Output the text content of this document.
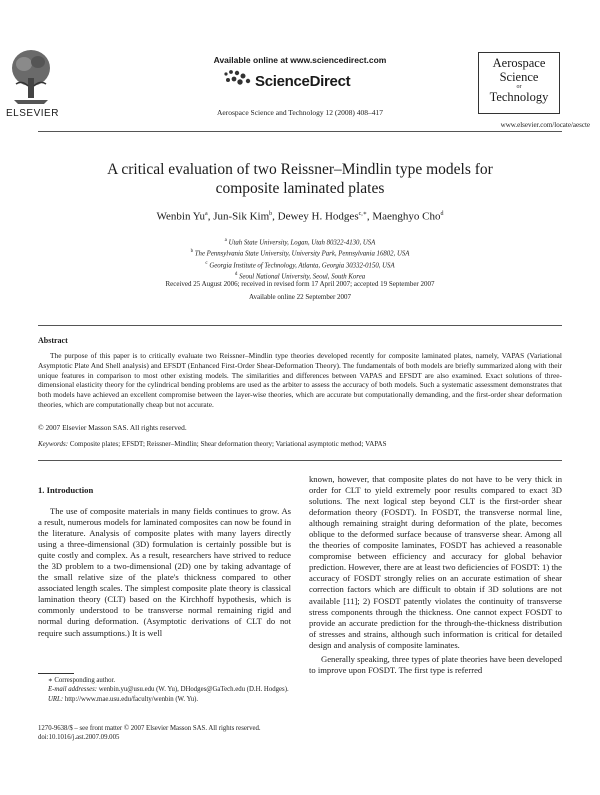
ELSEVIER
Available online at www.sciencedirect.com
ScienceDirect
Aerospace Science and Technology 12 (2008) 408–417
Aerospace
Science
or
Technology
www.elsevier.com/locate/aescte
A critical evaluation of two Reissner–Mindlin type models for
composite laminated plates
Wenbin Yu$^a$, Jun-Sik Kim$^b$, Dewey H. Hodges$^{c,∗}$, Maenghyo Cho$^d$
$^a$ Utah State University, Logan, Utah 80322-4130, USA
$^b$ The Pennsylvania State University, University Park, Pennsylvania 16802, USA
$^c$ Georgia Institute of Technology, Atlanta, Georgia 30332-0150, USA
$^d$ Seoul National University, Seoul, South Korea
Received 25 August 2006; received in revised form 17 April 2007; accepted 19 September 2007
Available online 22 September 2007
Abstract
The purpose of this paper is to critically evaluate two Reissner–Mindlin type theories developed recently for composite laminated plates, namely, VAPAS (Variational Asymptotic Plate And Shell analysis) and EFSDT (Enhanced First-Order Shear-Deformation Theory). The fundamentals of both models are briefly summarized along with their unique features in comparison to most other existing models. The similarities and differences between VAPAS and EFSDT are also examined. Exact solutions of three-dimensional elasticity theory for the cylindrical bending problems are used as the arbiter to assess the accuracy of both models. Such a systematic assessment demonstrates that both models have achieved an excellent compromise between the layer-wise theories, which are accurate but computationally demanding, and the first-order shear deformation theories, which are computationally cheap but not accurate.
© 2007 Elsevier Masson SAS. All rights reserved.
Keywords: Composite plates; EFSDT; Reissner–Mindlin; Shear deformation theory; Variational asymptotic method; VAPAS
1. Introduction

The use of composite materials in many fields continues to grow. As a result, numerous models for laminated composites can now be found in the literature. Analysis of composite plates with many layers directly using a three-dimensional (3D) formulation is certainly possible but is quite costly and complex. As a result, researchers have strived to reduce the 3D problem to a two-dimensional (2D) one by taking advantage of the small relative size of the plate's thickness compared to other associated length scales. The simplest composite plate theory is classical lamination theory (CLT) based on the Kirchhoff hypothesis, which is commonly understood to be transverse normal remaining rigid and normal during deformation. (Asymptotic derivations of CLT do not require such assumptions.) It is well

known, however, that composite plates do not have to be very thick in order for CLT to yield extremely poor results compared to exact 3D solutions. The next logical step beyond CLT is the first-order shear deformation theory (FOSDT). In FOSDT, the transverse normal line, although remaining straight during deformation of the plate, becomes oblique to the deformed surface because of transverse shear. Among all the theories of composite laminates, FOSDT has achieved a reasonable compromise between efficiency and accuracy for global behavior prediction. However, there are at least two deficiencies of FOSDT: 1) the accuracy of FOSDT strongly relies on an accurate estimation of shear correction factors which are difficult to obtain if 3D solutions are not available [11]; 2) FOSDT patently violates the continuity of transverse stress components through the thickness. One cannot expect FOSDT to provide an accurate prediction for the through-the-thickness distribution of stresses and strains, although such information is critical for detailed design and analysis of composite laminates.

Generally speaking, three types of plate theories have been developed to improve upon FOSDT. The first type is referred

∗ Corresponding author.
E-mail addresses: wenbin.yu@usu.edu (W. Yu), DHodges@GaTech.edu (D.H. Hodges).
URL: http://www.mae.usu.edu/faculty/wenbin (W. Yu).
1270-9638/$ – see front matter © 2007 Elsevier Masson SAS. All rights reserved.
doi:10.1016/j.ast.2007.09.005
